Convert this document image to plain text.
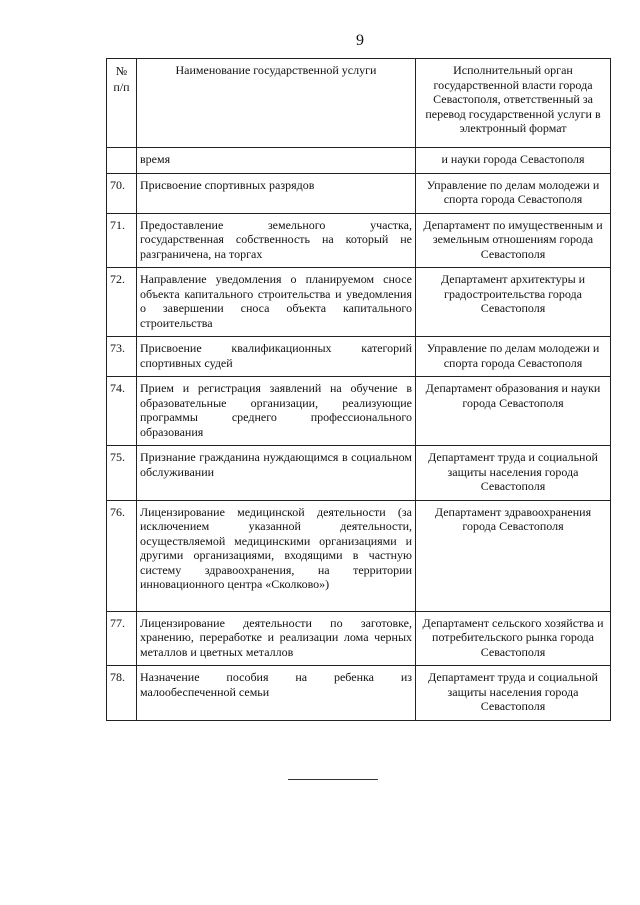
9
№ п/п	Наименование государственной услуги	Исполнительный орган государственной власти города Севастополя, ответственный за перевод государственной услуги в электронный формат
	время	и науки города Севастополя
70.	Присвоение спортивных разрядов	Управление по делам молодежи и спорта города Севастополя
71.	Предоставление земельного участка, государственная собственность на который не разграничена, на торгах	Департамент по имущественным и земельным отношениям города Севастополя
72.	Направление уведомления о планируемом сносе объекта капитального строительства и уведомления о завершении сноса объекта капитального строительства	Департамент архитектуры и градостроительства города Севастополя
73.	Присвоение квалификационных категорий спортивных судей	Управление по делам молодежи и спорта города Севастополя
74.	Прием и регистрация заявлений на обучение в образовательные организации, реализующие программы среднего профессионального образования	Департамент образования и науки города Севастополя
75.	Признание гражданина нуждающимся в социальном обслуживании	Департамент труда и социальной защиты населения города Севастополя
76.	Лицензирование медицинской деятельности (за исключением указанной деятельности, осуществляемой медицинскими организациями и другими организациями, входящими в частную систему здравоохранения, на территории инновационного центра «Сколково»)	Департамент здравоохранения города Севастополя
77.	Лицензирование деятельности по заготовке, хранению, переработке и реализации лома черных металлов и цветных металлов	Департамент сельского хозяйства и потребительского рынка города Севастополя
78.	Назначение пособия на ребенка из малообеспеченной семьи	Департамент труда и социальной защиты населения города Севастополя
